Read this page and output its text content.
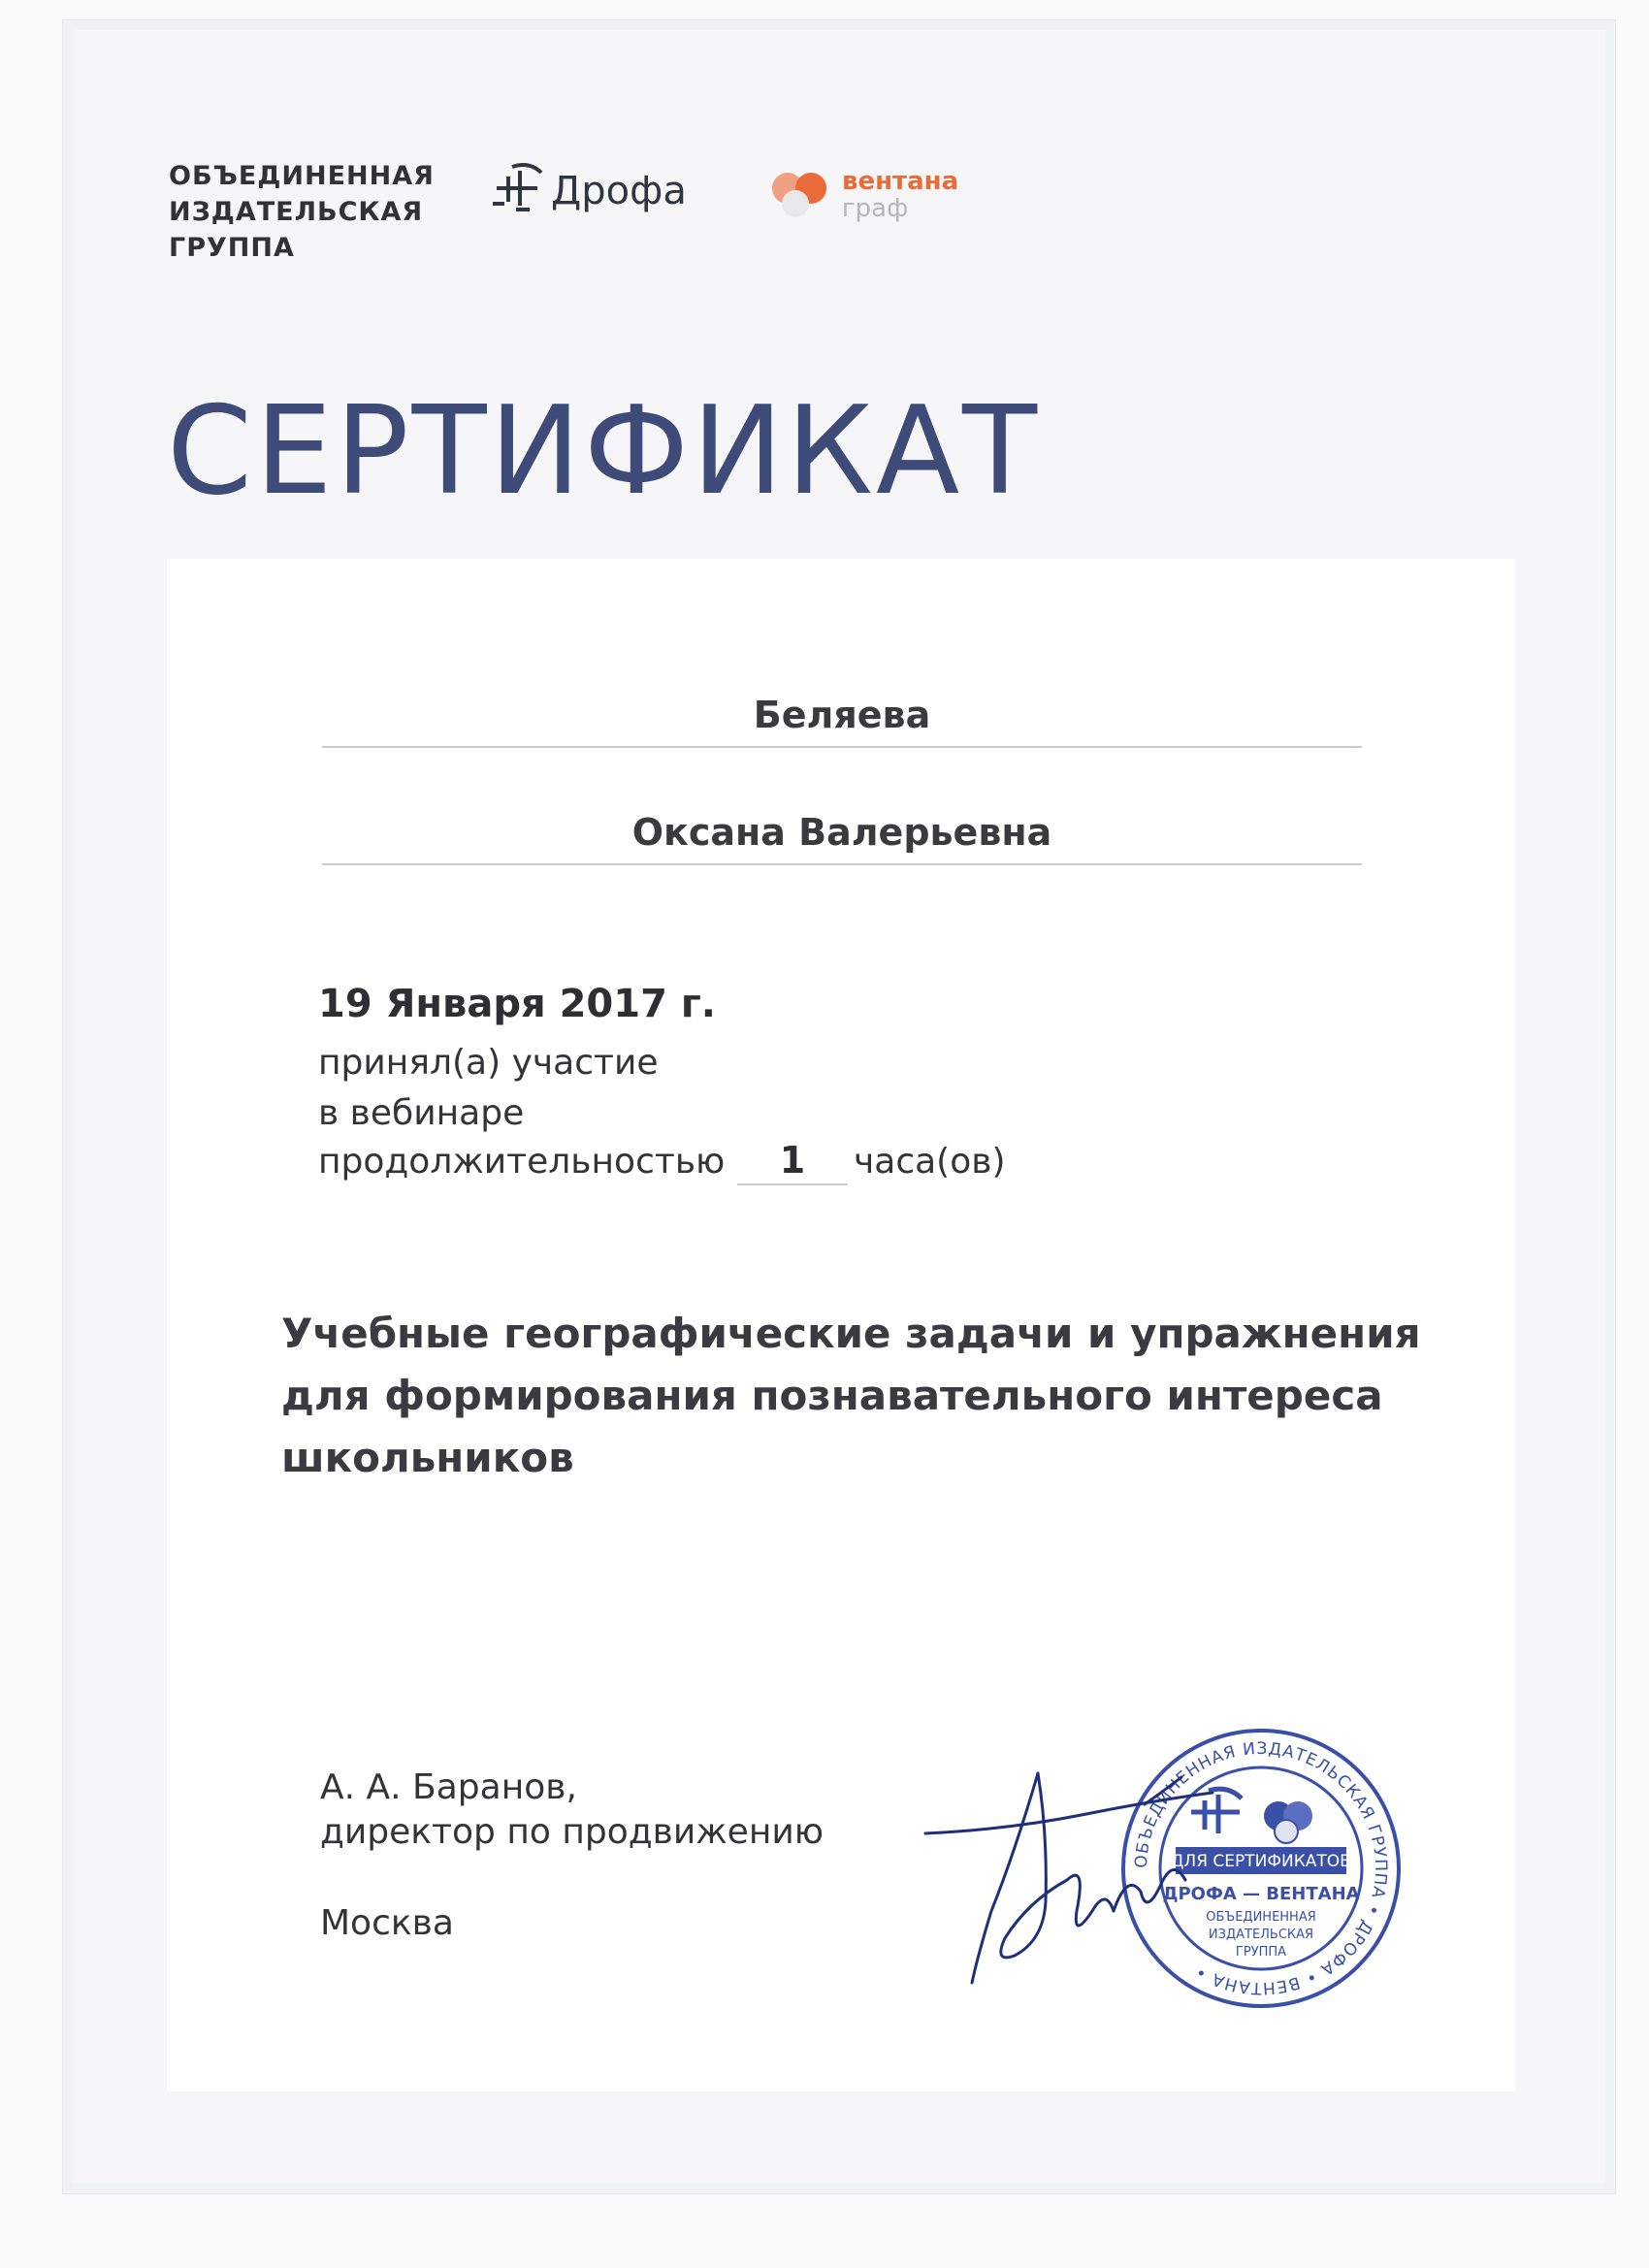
ОБЪЕДИНЕННАЯ
ИЗДАТЕЛЬСКАЯ
ГРУППА
Дрофа	вентана
граф
СЕРТИФИКАТ
Беляева
Оксана Валерьевна
19 Января 2017 г.
принял(а) участие
в вебинаре
продолжительностью	1	часа(ов)
Учебные географические задачи и упражнения
для формирования познавательного интереса
школьников
А. А. Баранов,
директор по продвижению
Москва
ОБЪЕДИНЕННАЯ ИЗДАТЕЛЬСКАЯ ГРУППА • ДРОФА • ВЕНТАНА •
ДЛЯ СЕРТИФИКАТОВ
ДРОФА — ВЕНТАНА
ОБЪЕДИНЕННАЯ
ИЗДАТЕЛЬСКАЯ
ГРУППА
